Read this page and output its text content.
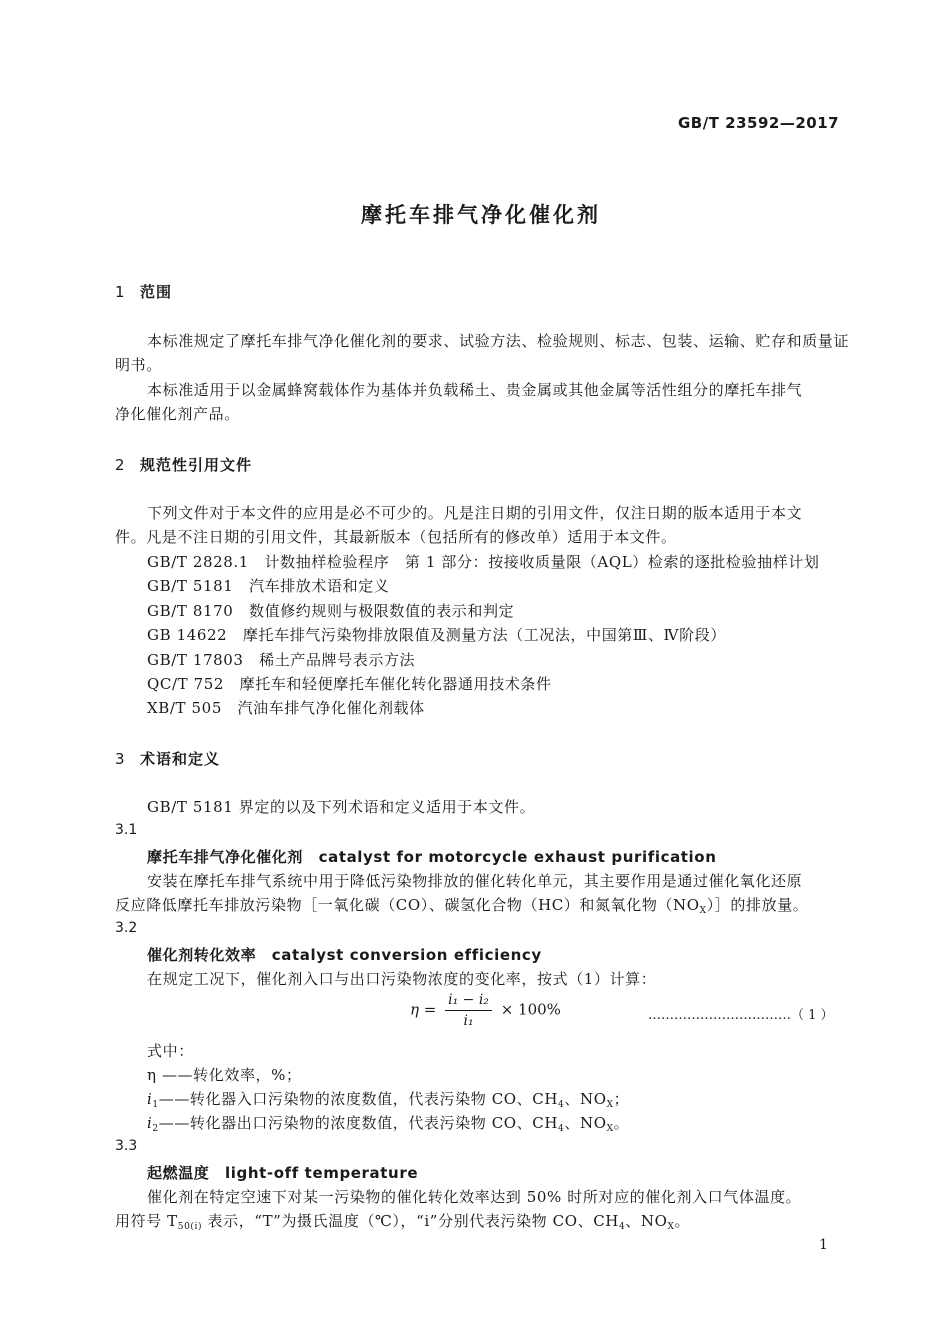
GB/T 23592—2017
摩托车排气净化催化剂
1 范围
本标准规定了摩托车排气净化催化剂的要求、试验方法、检验规则、标志、包装、运输、贮存和质量证
明书。
本标准适用于以金属蜂窝载体作为基体并负载稀土、贵金属或其他金属等活性组分的摩托车排气
净化催化剂产品。
2 规范性引用文件
下列文件对于本文件的应用是必不可少的。凡是注日期的引用文件，仅注日期的版本适用于本文
件。凡是不注日期的引用文件，其最新版本（包括所有的修改单）适用于本文件。
GB/T 2828.1　计数抽样检验程序　第 1 部分：按接收质量限（AQL）检索的逐批检验抽样计划
GB/T 5181　汽车排放术语和定义
GB/T 8170　数值修约规则与极限数值的表示和判定
GB 14622　摩托车排气污染物排放限值及测量方法（工况法，中国第Ⅲ、Ⅳ阶段）
GB/T 17803　稀土产品牌号表示方法
QC/T 752　摩托车和轻便摩托车催化转化器通用技术条件
XB/T 505　汽油车排气净化催化剂载体
3 术语和定义
GB/T 5181 界定的以及下列术语和定义适用于本文件。
3.1
摩托车排气净化催化剂　catalyst for motorcycle exhaust purification
安装在摩托车排气系统中用于降低污染物排放的催化转化单元，其主要作用是通过催化氧化还原
反应降低摩托车排放污染物［一氧化碳（CO）、碳氢化合物（HC）和氮氧化物$(NO_X)]$的排放量。
3.2
催化剂转化效率　catalyst conversion efficiency
在规定工况下，催化剂入口与出口污染物浓度的变化率，按式（1）计算：
$\eta = \frac{\text{i₁ − i₂}}{\text{i₁}} \times 100\%$	……………………………（ 1 ）
式中：
η ——转化效率，%；
$i_1——$转化器入口污染物的浓度数值，代表污染物 CO、$CH_4$、$NO_X$；
$i_2——$转化器出口污染物的浓度数值，代表污染物 CO、$CH_4$、$NO_X$。
3.3
起燃温度　light-off temperature
催化剂在特定空速下对某一污染物的催化转化效率达到 50% 时所对应的催化剂入口气体温度。
用符号 $T_{50(i)}$ 表示，“T”为摄氏温度（℃），“i”分别代表污染物 CO、$CH_4$、$NO_X$。
1
